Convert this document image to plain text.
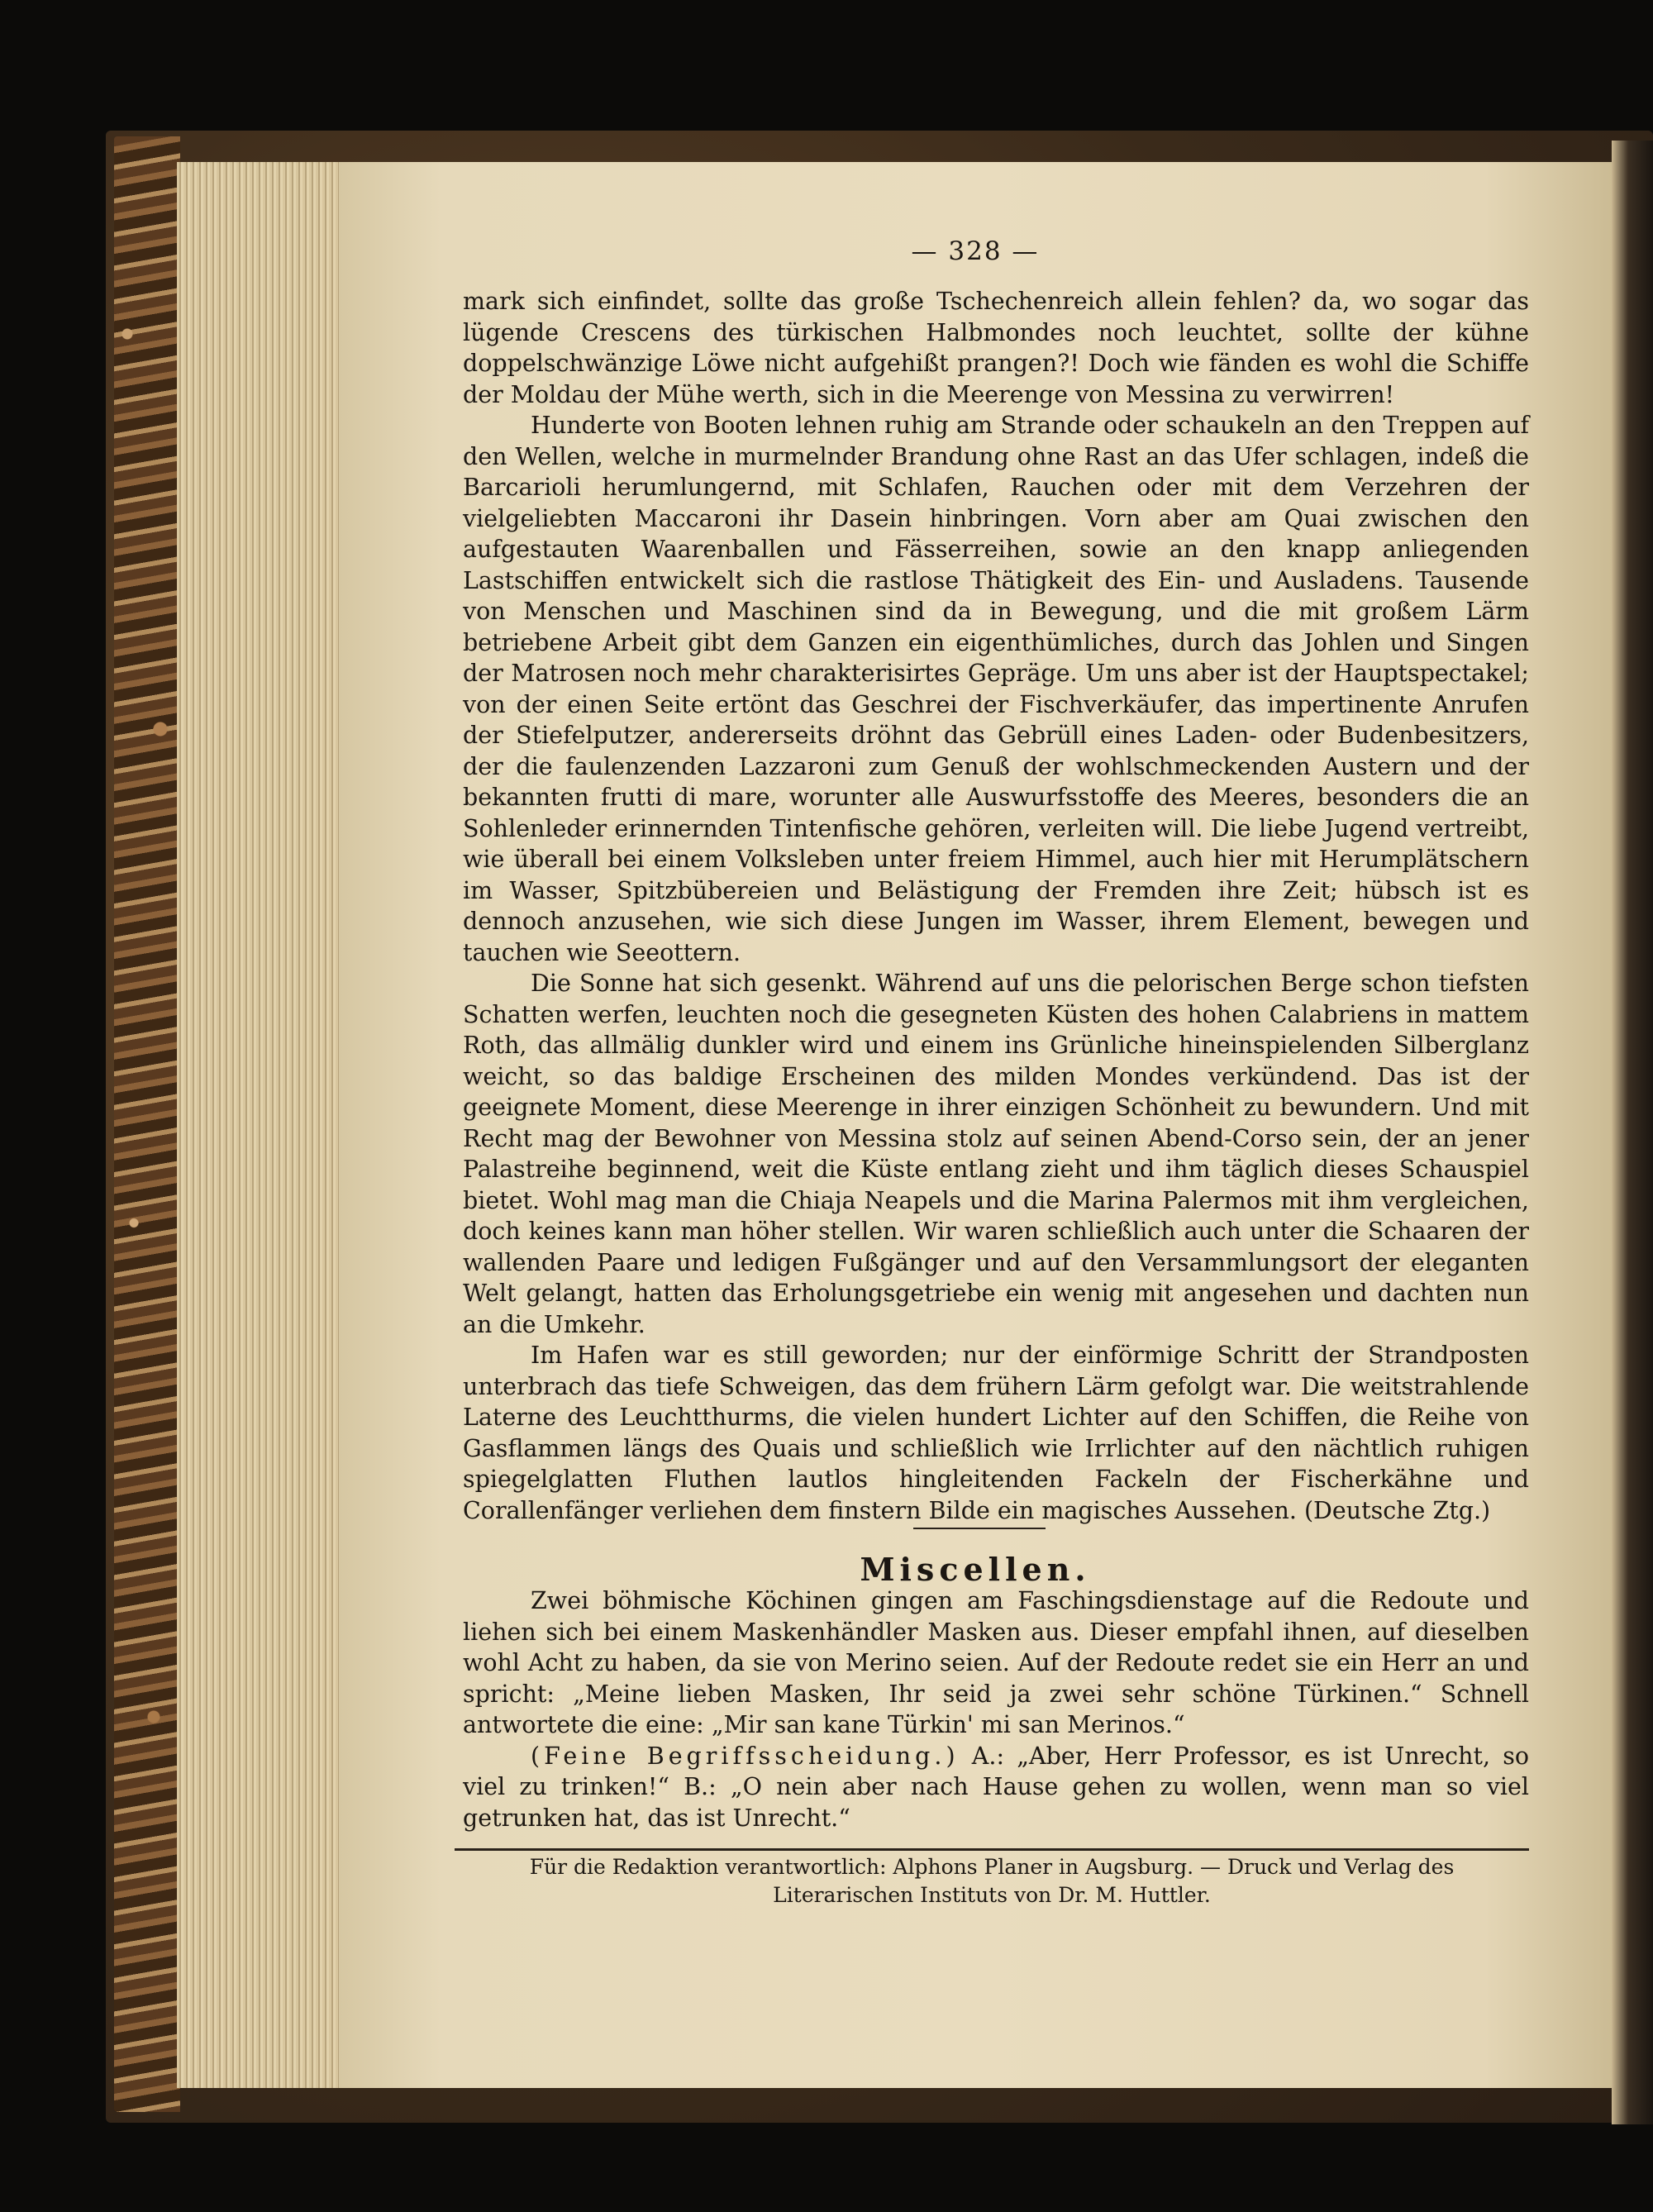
— 328 —

mark sich einfindet, sollte das große Tschechenreich allein fehlen? da, wo sogar das lügende Crescens des türkischen Halbmondes noch leuchtet, sollte der kühne doppelschwänzige Löwe nicht aufgehißt prangen?! Doch wie fänden es wohl die Schiffe der Moldau der Mühe werth, sich in die Meerenge von Messina zu verwirren!

Hunderte von Booten lehnen ruhig am Strande oder schaukeln an den Treppen auf den Wellen, welche in murmelnder Brandung ohne Rast an das Ufer schlagen, indeß die Barcarioli herumlungernd, mit Schlafen, Rauchen oder mit dem Verzehren der vielgeliebten Maccaroni ihr Dasein hinbringen. Vorn aber am Quai zwischen den aufgestauten Waarenballen und Fässerreihen, sowie an den knapp anliegenden Lastschiffen entwickelt sich die rastlose Thätigkeit des Ein- und Ausladens. Tausende von Menschen und Maschinen sind da in Bewegung, und die mit großem Lärm betriebene Arbeit gibt dem Ganzen ein eigenthümliches, durch das Johlen und Singen der Matrosen noch mehr charakterisirtes Gepräge. Um uns aber ist der Hauptspectakel; von der einen Seite ertönt das Geschrei der Fischverkäufer, das impertinente Anrufen der Stiefelputzer, andererseits dröhnt das Gebrüll eines Laden- oder Budenbesitzers, der die faulenzenden Lazzaroni zum Genuß der wohlschmeckenden Austern und der bekannten frutti di mare, worunter alle Auswurfsstoffe des Meeres, besonders die an Sohlenleder erinnernden Tintenfische gehören, verleiten will. Die liebe Jugend vertreibt, wie überall bei einem Volksleben unter freiem Himmel, auch hier mit Herumplätschern im Wasser, Spitzbübereien und Belästigung der Fremden ihre Zeit; hübsch ist es dennoch anzusehen, wie sich diese Jungen im Wasser, ihrem Element, bewegen und tauchen wie Seeottern.

Die Sonne hat sich gesenkt. Während auf uns die pelorischen Berge schon tiefsten Schatten werfen, leuchten noch die gesegneten Küsten des hohen Calabriens in mattem Roth, das allmälig dunkler wird und einem ins Grünliche hineinspielenden Silberglanz weicht, so das baldige Erscheinen des milden Mondes verkündend. Das ist der geeignete Moment, diese Meerenge in ihrer einzigen Schönheit zu bewundern. Und mit Recht mag der Bewohner von Messina stolz auf seinen Abend-Corso sein, der an jener Palastreihe beginnend, weit die Küste entlang zieht und ihm täglich dieses Schauspiel bietet. Wohl mag man die Chiaja Neapels und die Marina Palermos mit ihm vergleichen, doch keines kann man höher stellen. Wir waren schließlich auch unter die Schaaren der wallenden Paare und ledigen Fußgänger und auf den Versammlungsort der eleganten Welt gelangt, hatten das Erholungsgetriebe ein wenig mit angesehen und dachten nun an die Umkehr.

Im Hafen war es still geworden; nur der einförmige Schritt der Strandposten unterbrach das tiefe Schweigen, das dem frühern Lärm gefolgt war. Die weitstrahlende Laterne des Leuchtthurms, die vielen hundert Lichter auf den Schiffen, die Reihe von Gasflammen längs des Quais und schließlich wie Irrlichter auf den nächtlich ruhigen spiegelglatten Fluthen lautlos hingleitenden Fackeln der Fischerkähne und Corallenfänger verliehen dem finstern Bilde ein magisches Aussehen. (Deutsche Ztg.)

Miscellen.

Zwei böhmische Köchinen gingen am Faschingsdienstage auf die Redoute und liehen sich bei einem Maskenhändler Masken aus. Dieser empfahl ihnen, auf dieselben wohl Acht zu haben, da sie von Merino seien. Auf der Redoute redet sie ein Herr an und spricht: „Meine lieben Masken, Ihr seid ja zwei sehr schöne Türkinen.“ Schnell antwortete die eine: „Mir san kane Türkin' mi san Merinos.“

(Feine Begriffsscheidung.) A.: „Aber, Herr Professor, es ist Unrecht, so viel zu trinken!“ B.: „O nein aber nach Hause gehen zu wollen, wenn man so viel getrunken hat, das ist Unrecht.“

Für die Redaktion verantwortlich: Alphons Planer in Augsburg. — Druck und Verlag des
Literarischen Instituts von Dr. M. Huttler.
